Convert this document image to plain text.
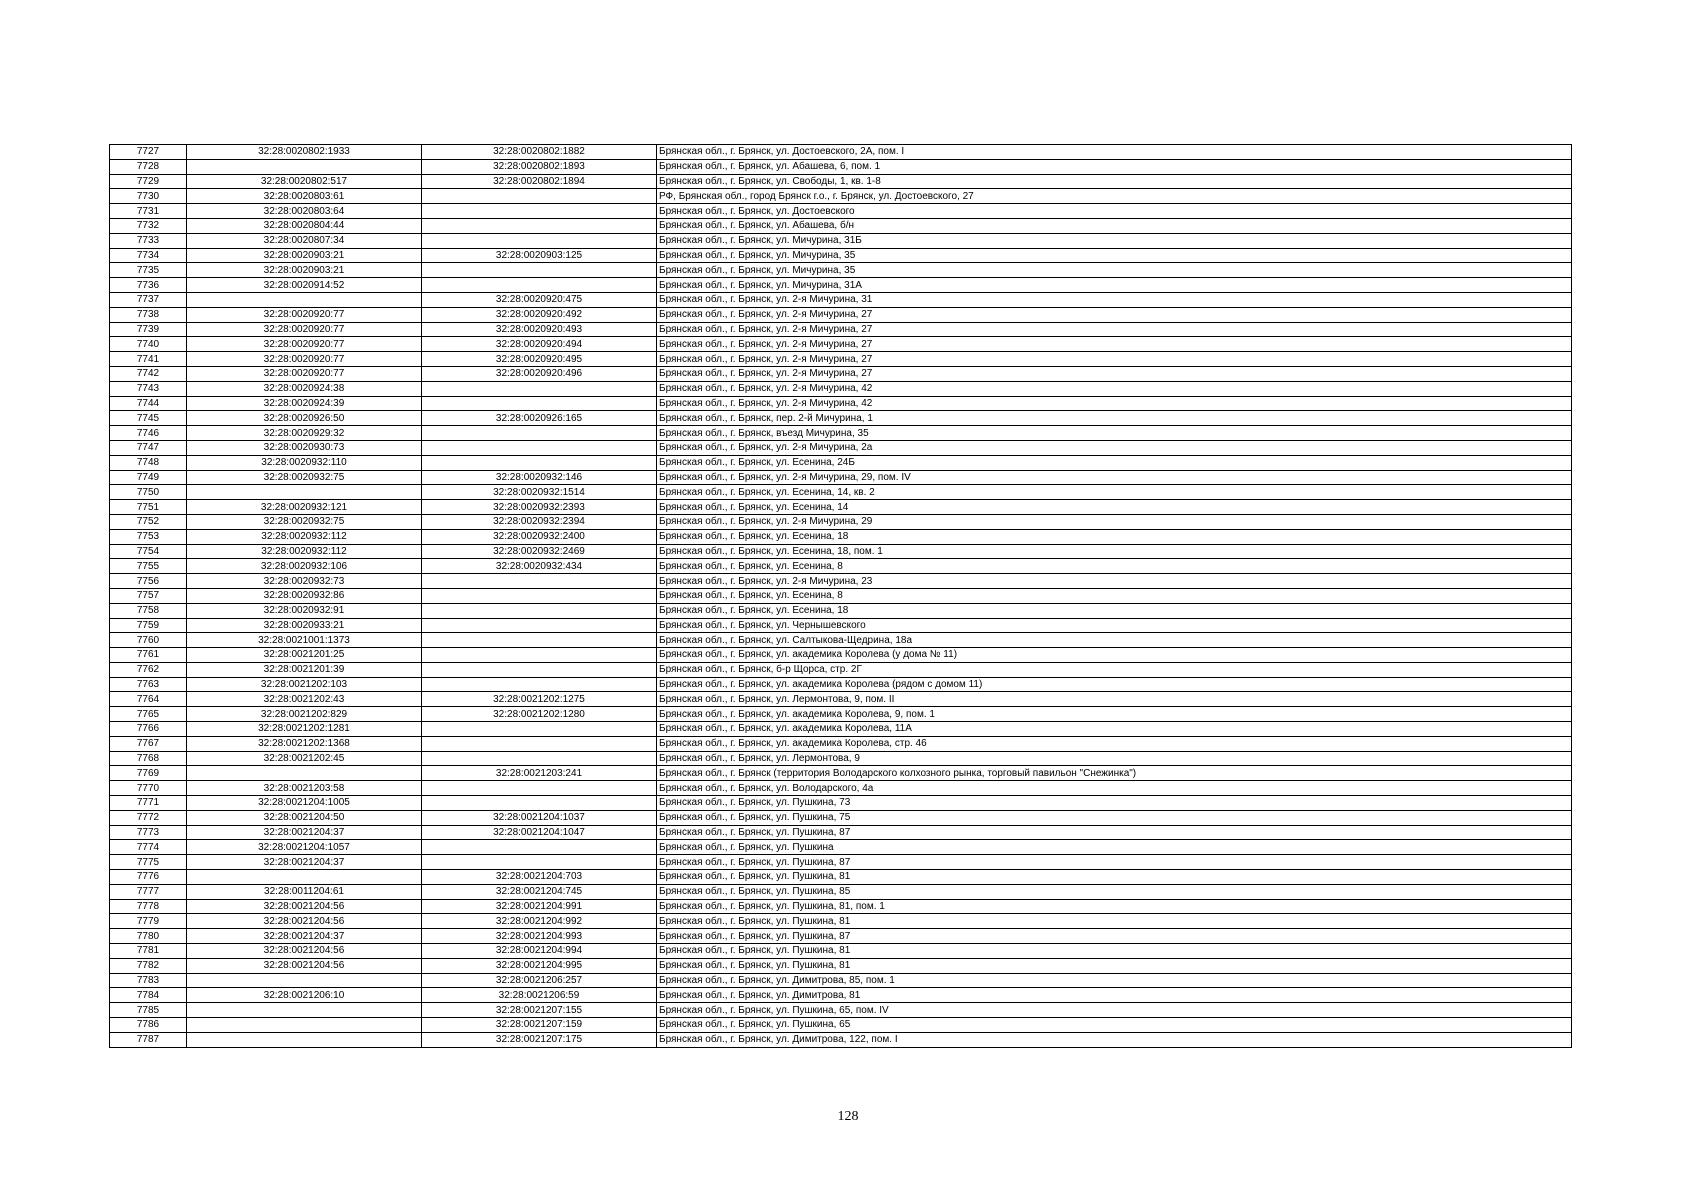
7727	32:28:0020802:1933	32:28:0020802:1882	Брянская обл., г. Брянск, ул. Достоевского, 2А, пом. I
7728		32:28:0020802:1893	Брянская обл., г. Брянск, ул. Абашева, 6, пом. 1
7729	32:28:0020802:517	32:28:0020802:1894	Брянская обл., г. Брянск, ул. Свободы, 1, кв. 1-8
7730	32:28:0020803:61		РФ, Брянская обл., город Брянск г.о., г. Брянск, ул. Достоевского, 27
7731	32:28:0020803:64		Брянская обл., г. Брянск, ул. Достоевского
7732	32:28:0020804:44		Брянская обл., г. Брянск, ул. Абашева, б/н
7733	32:28:0020807:34		Брянская обл., г. Брянск, ул. Мичурина, 31Б
7734	32:28:0020903:21	32:28:0020903:125	Брянская обл., г. Брянск, ул. Мичурина, 35
7735	32:28:0020903:21		Брянская обл., г. Брянск, ул. Мичурина, 35
7736	32:28:0020914:52		Брянская обл., г. Брянск, ул. Мичурина, 31А
7737		32:28:0020920:475	Брянская обл., г. Брянск, ул. 2-я Мичурина, 31
7738	32:28:0020920:77	32:28:0020920:492	Брянская обл., г. Брянск, ул. 2-я Мичурина, 27
7739	32:28:0020920:77	32:28:0020920:493	Брянская обл., г. Брянск, ул. 2-я Мичурина, 27
7740	32:28:0020920:77	32:28:0020920:494	Брянская обл., г. Брянск, ул. 2-я Мичурина, 27
7741	32:28:0020920:77	32:28:0020920:495	Брянская обл., г. Брянск, ул. 2-я Мичурина, 27
7742	32:28:0020920:77	32:28:0020920:496	Брянская обл., г. Брянск, ул. 2-я Мичурина, 27
7743	32:28:0020924:38		Брянская обл., г. Брянск, ул. 2-я Мичурина, 42
7744	32:28:0020924:39		Брянская обл., г. Брянск, ул. 2-я Мичурина, 42
7745	32:28:0020926:50	32:28:0020926:165	Брянская обл., г. Брянск, пер. 2-й Мичурина, 1
7746	32:28:0020929:32		Брянская обл., г. Брянск, въезд Мичурина, 35
7747	32:28:0020930:73		Брянская обл., г. Брянск, ул. 2-я Мичурина, 2а
7748	32:28:0020932:110		Брянская обл., г. Брянск, ул. Есенина, 24Б
7749	32:28:0020932:75	32:28:0020932:146	Брянская обл., г. Брянск, ул. 2-я Мичурина, 29, пом. IV
7750		32:28:0020932:1514	Брянская обл., г. Брянск, ул. Есенина, 14, кв. 2
7751	32:28:0020932:121	32:28:0020932:2393	Брянская обл., г. Брянск, ул. Есенина, 14
7752	32:28:0020932:75	32:28:0020932:2394	Брянская обл., г. Брянск, ул. 2-я Мичурина, 29
7753	32:28:0020932:112	32:28:0020932:2400	Брянская обл., г. Брянск, ул. Есенина, 18
7754	32:28:0020932:112	32:28:0020932:2469	Брянская обл., г. Брянск, ул. Есенина, 18, пом. 1
7755	32:28:0020932:106	32:28:0020932:434	Брянская обл., г. Брянск, ул. Есенина, 8
7756	32:28:0020932:73		Брянская обл., г. Брянск, ул. 2-я Мичурина, 23
7757	32:28:0020932:86		Брянская обл., г. Брянск, ул. Есенина, 8
7758	32:28:0020932:91		Брянская обл., г. Брянск, ул. Есенина, 18
7759	32:28:0020933:21		Брянская обл., г. Брянск, ул. Чернышевского
7760	32:28:0021001:1373		Брянская обл., г. Брянск, ул. Салтыкова-Щедрина, 18а
7761	32:28:0021201:25		Брянская обл., г. Брянск, ул. академика Королева (у дома № 11)
7762	32:28:0021201:39		Брянская обл., г. Брянск, б-р Щорса, стр. 2Г
7763	32:28:0021202:103		Брянская обл., г. Брянск, ул. академика Королева (рядом с домом 11)
7764	32:28:0021202:43	32:28:0021202:1275	Брянская обл., г. Брянск, ул. Лермонтова, 9, пом. II
7765	32:28:0021202:829	32:28:0021202:1280	Брянская обл., г. Брянск, ул. академика Королева, 9, пом. 1
7766	32:28:0021202:1281		Брянская обл., г. Брянск, ул. академика Королева, 11А
7767	32:28:0021202:1368		Брянская обл., г. Брянск, ул. академика Королева, стр. 46
7768	32:28:0021202:45		Брянская обл., г. Брянск, ул. Лермонтова, 9
7769		32:28:0021203:241	Брянская обл., г. Брянск (территория Володарского колхозного рынка, торговый павильон "Снежинка")
7770	32:28:0021203:58		Брянская обл., г. Брянск, ул. Володарского, 4а
7771	32:28:0021204:1005		Брянская обл., г. Брянск, ул. Пушкина, 73
7772	32:28:0021204:50	32:28:0021204:1037	Брянская обл., г. Брянск, ул. Пушкина, 75
7773	32:28:0021204:37	32:28:0021204:1047	Брянская обл., г. Брянск, ул. Пушкина, 87
7774	32:28:0021204:1057		Брянская обл., г. Брянск, ул. Пушкина
7775	32:28:0021204:37		Брянская обл., г. Брянск, ул. Пушкина, 87
7776		32:28:0021204:703	Брянская обл., г. Брянск, ул. Пушкина, 81
7777	32:28:0011204:61	32:28:0021204:745	Брянская обл., г. Брянск, ул. Пушкина, 85
7778	32:28:0021204:56	32:28:0021204:991	Брянская обл., г. Брянск, ул. Пушкина, 81, пом. 1
7779	32:28:0021204:56	32:28:0021204:992	Брянская обл., г. Брянск, ул. Пушкина, 81
7780	32:28:0021204:37	32:28:0021204:993	Брянская обл., г. Брянск, ул. Пушкина, 87
7781	32:28:0021204:56	32:28:0021204:994	Брянская обл., г. Брянск, ул. Пушкина, 81
7782	32:28:0021204:56	32:28:0021204:995	Брянская обл., г. Брянск, ул. Пушкина, 81
7783		32:28:0021206:257	Брянская обл., г. Брянск, ул. Димитрова, 85, пом. 1
7784	32:28:0021206:10	32:28:0021206:59	Брянская обл., г. Брянск, ул. Димитрова, 81
7785		32:28:0021207:155	Брянская обл., г. Брянск, ул. Пушкина, 65, пом. IV
7786		32:28:0021207:159	Брянская обл., г. Брянск, ул. Пушкина, 65
7787		32:28:0021207:175	Брянская обл., г. Брянск, ул. Димитрова, 122, пом. I
128
